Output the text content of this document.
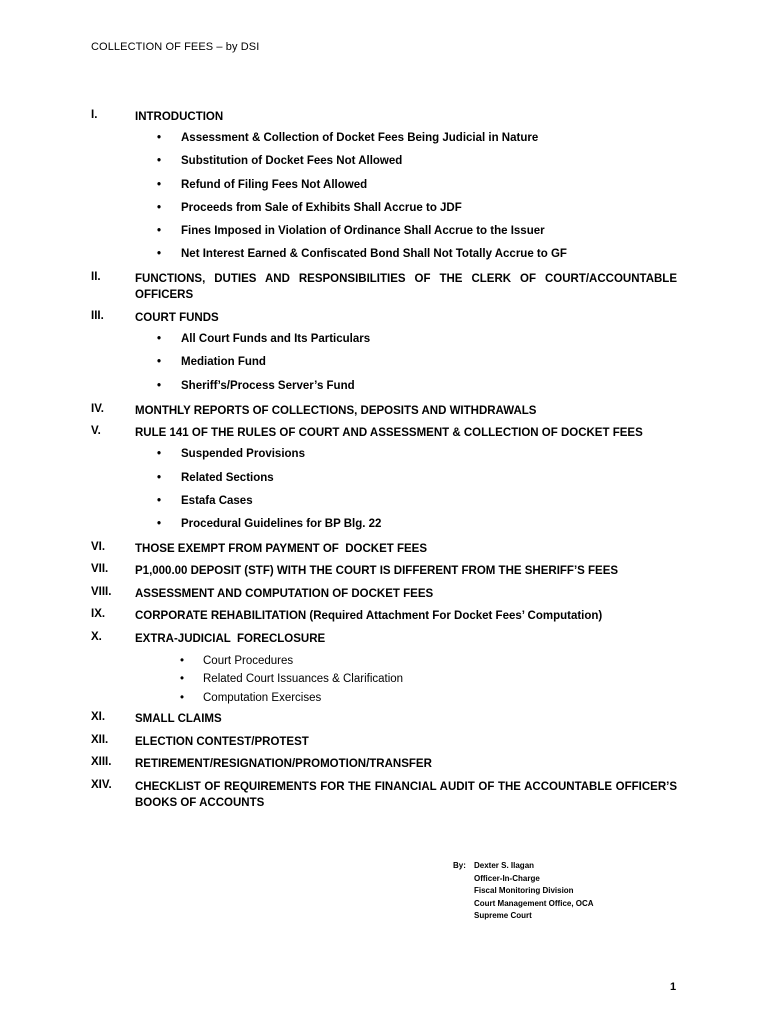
COLLECTION OF FEES – by DSI
I.	INTRODUCTION
• Assessment & Collection of Docket Fees Being Judicial in Nature
• Substitution of Docket Fees Not Allowed
• Refund of Filing Fees Not Allowed
• Proceeds from Sale of Exhibits Shall Accrue to JDF
• Fines Imposed in Violation of Ordinance Shall Accrue to the Issuer
• Net Interest Earned & Confiscated Bond Shall Not Totally Accrue to GF
II.	FUNCTIONS, DUTIES AND RESPONSIBILITIES OF THE CLERK OF COURT/ACCOUNTABLE OFFICERS
III.	COURT FUNDS
• All Court Funds and Its Particulars
• Mediation Fund
• Sheriff’s/Process Server’s Fund
IV.	MONTHLY REPORTS OF COLLECTIONS, DEPOSITS AND WITHDRAWALS
V.	RULE 141 OF THE RULES OF COURT AND ASSESSMENT & COLLECTION OF DOCKET FEES
• Suspended Provisions
• Related Sections
• Estafa Cases
• Procedural Guidelines for BP Blg. 22
VI.	THOSE EXEMPT FROM PAYMENT OF  DOCKET FEES
VII. P1,000.00 DEPOSIT (STF) WITH THE COURT IS DIFFERENT FROM THE SHERIFF’S FEES
VIII. ASSESSMENT AND COMPUTATION OF DOCKET FEES
IX.	CORPORATE REHABILITATION (Required Attachment For Docket Fees’ Computation)
X.	EXTRA-JUDICIAL  FORECLOSURE
• Court Procedures
• Related Court Issuances & Clarification
• Computation Exercises
XI.	SMALL CLAIMS
XII. ELECTION CONTEST/PROTEST
XIII. RETIREMENT/RESIGNATION/PROMOTION/TRANSFER
XIV. CHECKLIST OF REQUIREMENTS FOR THE FINANCIAL AUDIT OF THE ACCOUNTABLE OFFICER’S BOOKS OF ACCOUNTS
By: Dexter S. Ilagan
Officer-In-Charge
Fiscal Monitoring Division
Court Management Office, OCA
Supreme Court
1
